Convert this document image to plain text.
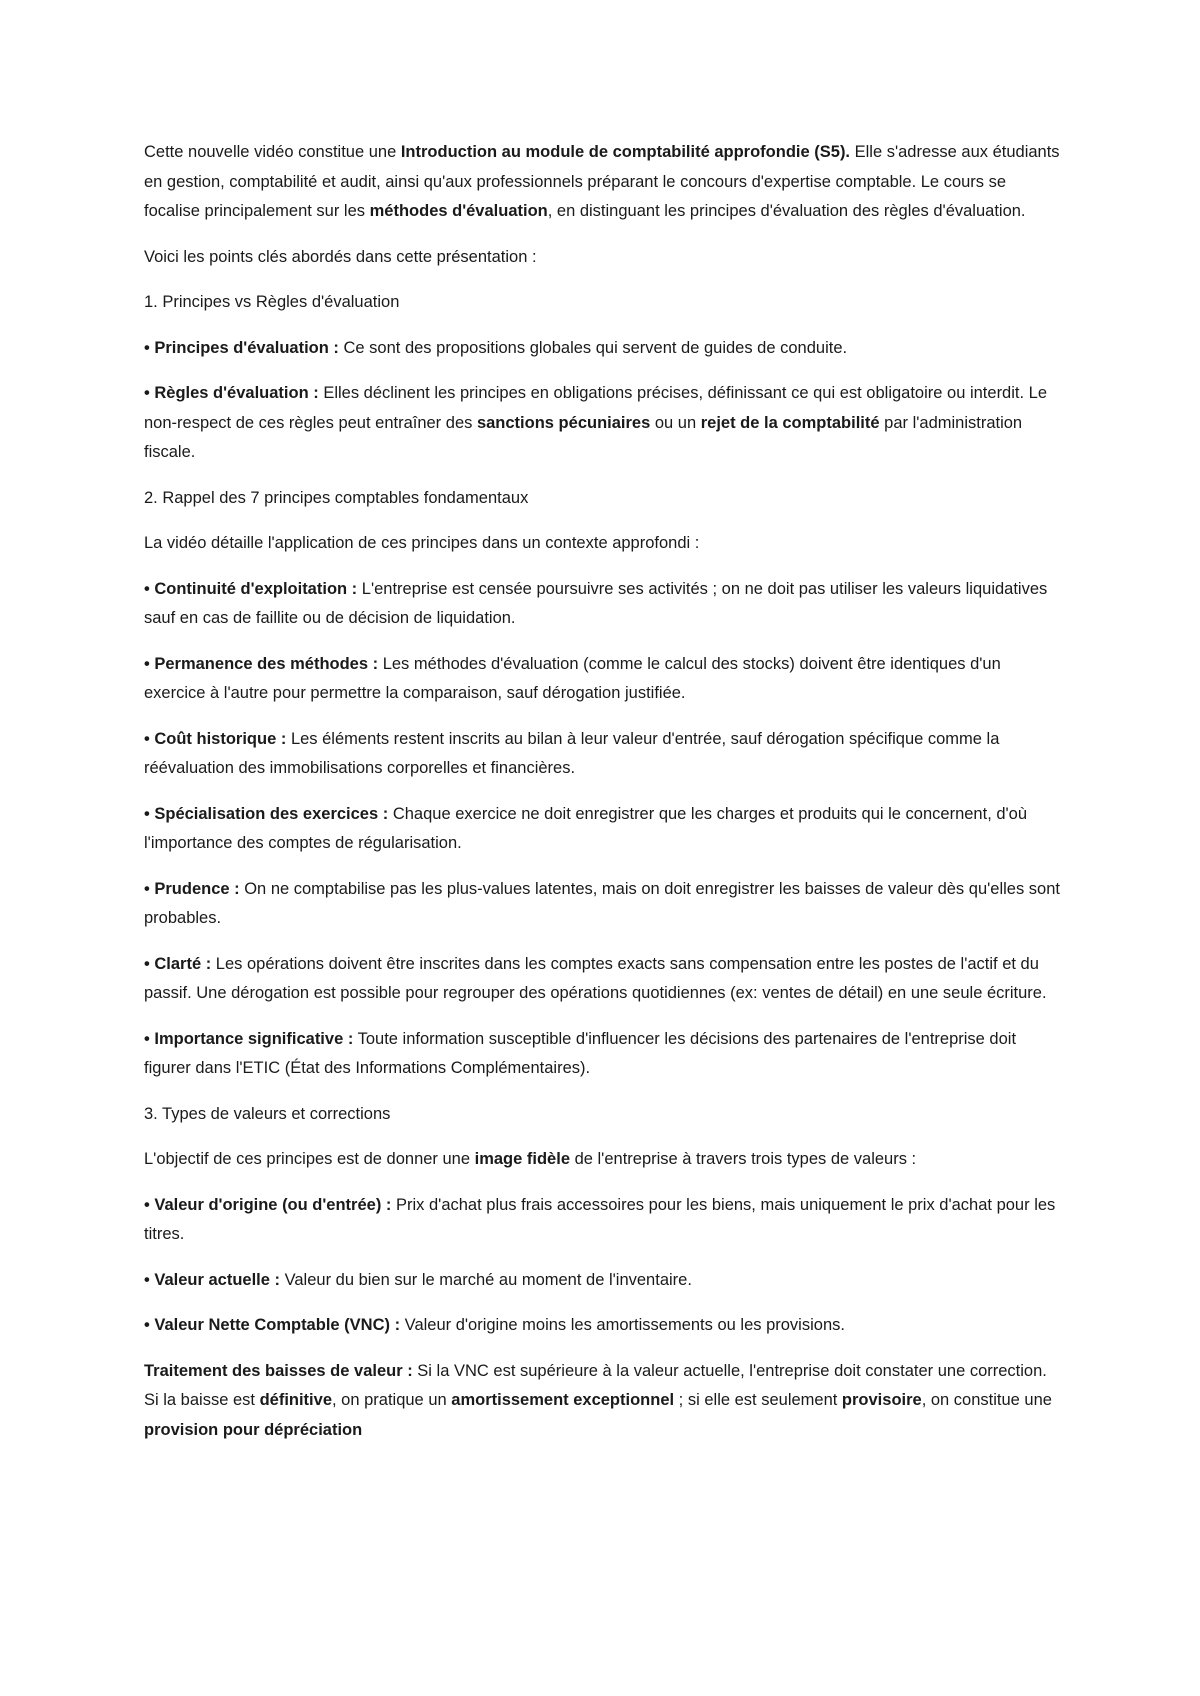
Cette nouvelle vidéo constitue une Introduction au module de comptabilité approfondie (S5). Elle s'adresse aux étudiants en gestion, comptabilité et audit, ainsi qu'aux professionnels préparant le concours d'expertise comptable. Le cours se focalise principalement sur les méthodes d'évaluation, en distinguant les principes d'évaluation des règles d'évaluation.

Voici les points clés abordés dans cette présentation :

1. Principes vs Règles d'évaluation

• Principes d'évaluation : Ce sont des propositions globales qui servent de guides de conduite.

• Règles d'évaluation : Elles déclinent les principes en obligations précises, définissant ce qui est obligatoire ou interdit. Le non-respect de ces règles peut entraîner des sanctions pécuniaires ou un rejet de la comptabilité par l'administration fiscale.

2. Rappel des 7 principes comptables fondamentaux

La vidéo détaille l'application de ces principes dans un contexte approfondi :

• Continuité d'exploitation : L'entreprise est censée poursuivre ses activités ; on ne doit pas utiliser les valeurs liquidatives sauf en cas de faillite ou de décision de liquidation.

• Permanence des méthodes : Les méthodes d'évaluation (comme le calcul des stocks) doivent être identiques d'un exercice à l'autre pour permettre la comparaison, sauf dérogation justifiée.

• Coût historique : Les éléments restent inscrits au bilan à leur valeur d'entrée, sauf dérogation spécifique comme la réévaluation des immobilisations corporelles et financières.

• Spécialisation des exercices : Chaque exercice ne doit enregistrer que les charges et produits qui le concernent, d'où l'importance des comptes de régularisation.

• Prudence : On ne comptabilise pas les plus-values latentes, mais on doit enregistrer les baisses de valeur dès qu'elles sont probables.

• Clarté : Les opérations doivent être inscrites dans les comptes exacts sans compensation entre les postes de l'actif et du passif. Une dérogation est possible pour regrouper des opérations quotidiennes (ex: ventes de détail) en une seule écriture.

• Importance significative : Toute information susceptible d'influencer les décisions des partenaires de l'entreprise doit figurer dans l'ETIC (État des Informations Complémentaires).

3. Types de valeurs et corrections

L'objectif de ces principes est de donner une image fidèle de l'entreprise à travers trois types de valeurs :

• Valeur d'origine (ou d'entrée) : Prix d'achat plus frais accessoires pour les biens, mais uniquement le prix d'achat pour les titres.

• Valeur actuelle : Valeur du bien sur le marché au moment de l'inventaire.

• Valeur Nette Comptable (VNC) : Valeur d'origine moins les amortissements ou les provisions.

Traitement des baisses de valeur : Si la VNC est supérieure à la valeur actuelle, l'entreprise doit constater une correction. Si la baisse est définitive, on pratique un amortissement exceptionnel ; si elle est seulement provisoire, on constitue une provision pour dépréciation
